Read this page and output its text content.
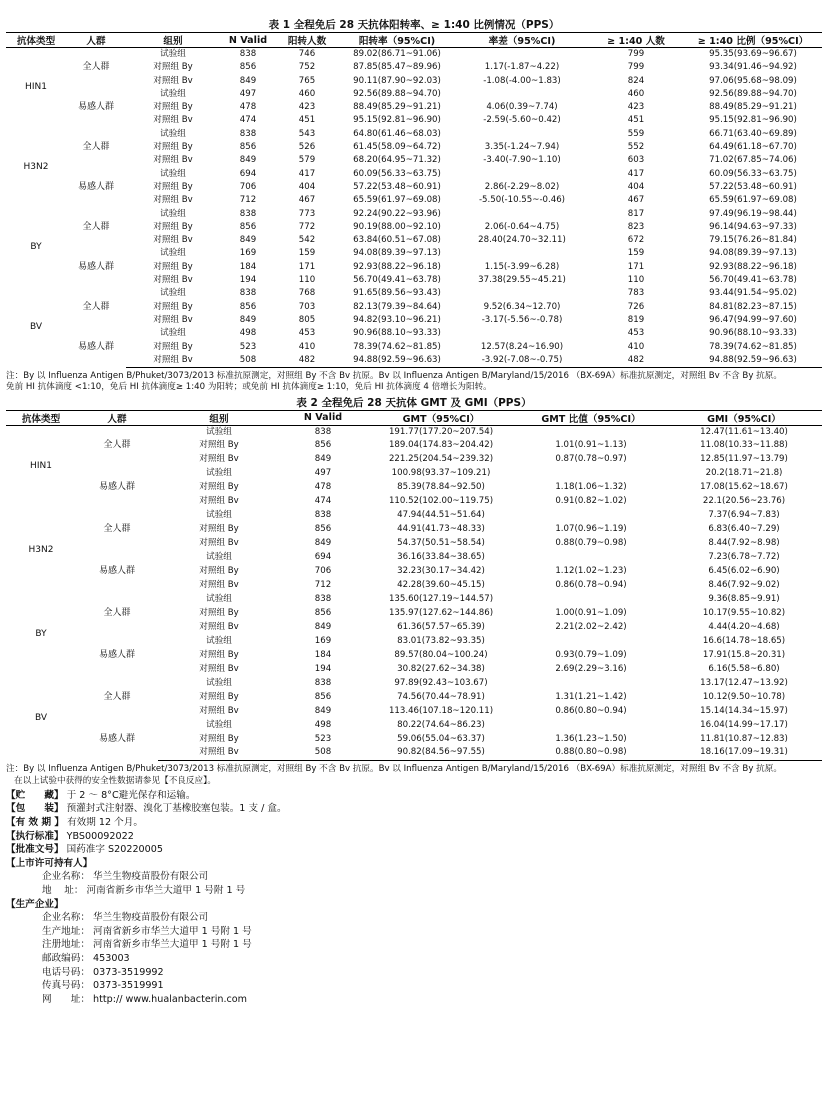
表 1 全程免后 28 天抗体阳转率、≥ 1:40 比例情况（PPS）
抗体类型	人群	组别	N Valid	阳转人数	阳转率（95%CI)	率差（95%CI)	≥ 1:40 人数	≥ 1:40 比例（95%CI）
HIN1	全人群	试验组	838	746	89.02(86.71~91.06)		799	95.35(93.69~96.67)
		对照组 By	856	752	87.85(85.47~89.96)	1.17(-1.87~4.22)	799	93.34(91.46~94.92)
		对照组 Bv	849	765	90.11(87.90~92.03)	-1.08(-4.00~1.83)	824	97.06(95.68~98.09)
	易感人群	试验组	497	460	92.56(89.88~94.70)		460	92.56(89.88~94.70)
		对照组 By	478	423	88.49(85.29~91.21)	4.06(0.39~7.74)	423	88.49(85.29~91.21)
		对照组 Bv	474	451	95.15(92.81~96.90)	-2.59(-5.60~0.42)	451	95.15(92.81~96.90)
H3N2	全人群	试验组	838	543	64.80(61.46~68.03)		559	66.71(63.40~69.89)
		对照组 By	856	526	61.45(58.09~64.72)	3.35(-1.24~7.94)	552	64.49(61.18~67.70)
		对照组 Bv	849	579	68.20(64.95~71.32)	-3.40(-7.90~1.10)	603	71.02(67.85~74.06)
	易感人群	试验组	694	417	60.09(56.33~63.75)		417	60.09(56.33~63.75)
		对照组 By	706	404	57.22(53.48~60.91)	2.86(-2.29~8.02)	404	57.22(53.48~60.91)
		对照组 Bv	712	467	65.59(61.97~69.08)	-5.50(-10.55~-0.46)	467	65.59(61.97~69.08)
BY	全人群	试验组	838	773	92.24(90.22~93.96)		817	97.49(96.19~98.44)
		对照组 By	856	772	90.19(88.00~92.10)	2.06(-0.64~4.75)	823	96.14(94.63~97.33)
		对照组 Bv	849	542	63.84(60.51~67.08)	28.40(24.70~32.11)	672	79.15(76.26~81.84)
	易感人群	试验组	169	159	94.08(89.39~97.13)		159	94.08(89.39~97.13)
		对照组 By	184	171	92.93(88.22~96.18)	1.15(-3.99~6.28)	171	92.93(88.22~96.18)
		对照组 Bv	194	110	56.70(49.41~63.78)	37.38(29.55~45.21)	110	56.70(49.41~63.78)
BV	全人群	试验组	838	768	91.65(89.56~93.43)		783	93.44(91.54~95.02)
		对照组 By	856	703	82.13(79.39~84.64)	9.52(6.34~12.70)	726	84.81(82.23~87.15)
		对照组 Bv	849	805	94.82(93.10~96.21)	-3.17(-5.56~-0.78)	819	96.47(94.99~97.60)
	易感人群	试验组	498	453	90.96(88.10~93.33)		453	90.96(88.10~93.33)
		对照组 By	523	410	78.39(74.62~81.85)	12.57(8.24~16.90)	410	78.39(74.62~81.85)
		对照组 Bv	508	482	94.88(92.59~96.63)	-3.92(-7.08~-0.75)	482	94.88(92.59~96.63)
注：By 以 Influenza Antigen B/Phuket/3073/2013 标准抗原测定，对照组 By 不含 Bv 抗原。Bv 以 Influenza Antigen B/Maryland/15/2016 （BX-69A）标准抗原测定，对照组 Bv 不含 By 抗原。
免前 HI 抗体滴度 <1:10，免后 HI 抗体滴度≥ 1:40 为阳转；或免前 HI 抗体滴度≥ 1:10，免后 HI 抗体滴度 4 倍增长为阳转。
表 2 全程免后 28 天抗体 GMT 及 GMI（PPS）
抗体类型	人群	组别	N Valid	GMT（95%CI）	GMT 比值（95%CI）	GMI（95%CI）
HIN1	全人群	试验组	838	191.77(177.20~207.54)		12.47(11.61~13.40)
		对照组 By	856	189.04(174.83~204.42)	1.01(0.91~1.13)	11.08(10.33~11.88)
		对照组 Bv	849	221.25(204.54~239.32)	0.87(0.78~0.97)	12.85(11.97~13.79)
	易感人群	试验组	497	100.98(93.37~109.21)		20.2(18.71~21.8)
		对照组 By	478	85.39(78.84~92.50)	1.18(1.06~1.32)	17.08(15.62~18.67)
		对照组 Bv	474	110.52(102.00~119.75)	0.91(0.82~1.02)	22.1(20.56~23.76)
H3N2	全人群	试验组	838	47.94(44.51~51.64)		7.37(6.94~7.83)
		对照组 By	856	44.91(41.73~48.33)	1.07(0.96~1.19)	6.83(6.40~7.29)
		对照组 Bv	849	54.37(50.51~58.54)	0.88(0.79~0.98)	8.44(7.92~8.98)
	易感人群	试验组	694	36.16(33.84~38.65)		7.23(6.78~7.72)
		对照组 By	706	32.23(30.17~34.42)	1.12(1.02~1.23)	6.45(6.02~6.90)
		对照组 Bv	712	42.28(39.60~45.15)	0.86(0.78~0.94)	8.46(7.92~9.02)
BY	全人群	试验组	838	135.60(127.19~144.57)		9.36(8.85~9.91)
		对照组 By	856	135.97(127.62~144.86)	1.00(0.91~1.09)	10.17(9.55~10.82)
		对照组 Bv	849	61.36(57.57~65.39)	2.21(2.02~2.42)	4.44(4.20~4.68)
	易感人群	试验组	169	83.01(73.82~93.35)		16.6(14.78~18.65)
		对照组 By	184	89.57(80.04~100.24)	0.93(0.79~1.09)	17.91(15.8~20.31)
		对照组 Bv	194	30.82(27.62~34.38)	2.69(2.29~3.16)	6.16(5.58~6.80)
BV	全人群	试验组	838	97.89(92.43~103.67)		13.17(12.47~13.92)
		对照组 By	856	74.56(70.44~78.91)	1.31(1.21~1.42)	10.12(9.50~10.78)
		对照组 Bv	849	113.46(107.18~120.11)	0.86(0.80~0.94)	15.14(14.34~15.97)
	易感人群	试验组	498	80.22(74.64~86.23)		16.04(14.99~17.17)
		对照组 By	523	59.06(55.04~63.37)	1.36(1.23~1.50)	11.81(10.87~12.83)
		对照组 Bv	508	90.82(84.56~97.55)	0.88(0.80~0.98)	18.16(17.09~19.31)
注：By 以 Influenza Antigen B/Phuket/3073/2013 标准抗原测定，对照组 By 不含 Bv 抗原。Bv 以 Influenza Antigen B/Maryland/15/2016 （BX-69A）标准抗原测定，对照组 Bv 不含 By 抗原。
在以上试验中获得的安全性数据请参见【不良反应】。
【贮　　藏】 于 2 ～ 8°C避光保存和运输。
【包　　装】 预灌封式注射器、溴化丁基橡胶塞包装。1 支 / 盒。
【有 效 期 】 有效期 12 个月。
【执行标准】 YBS00092022
【批准文号】 国药准字 S20220005
【上市许可持有人】
企业名称： 华兰生物疫苗股份有限公司
地　 址： 河南省新乡市华兰大道甲 1 号附 1 号
【生产企业】
企业名称： 华兰生物疫苗股份有限公司
生产地址： 河南省新乡市华兰大道甲 1 号附 1 号
注册地址： 河南省新乡市华兰大道甲 1 号附 1 号
邮政编码： 453003
电话号码： 0373-3519992
传真号码： 0373-3519991
网　　址： http:// www.hualanbacterin.com
